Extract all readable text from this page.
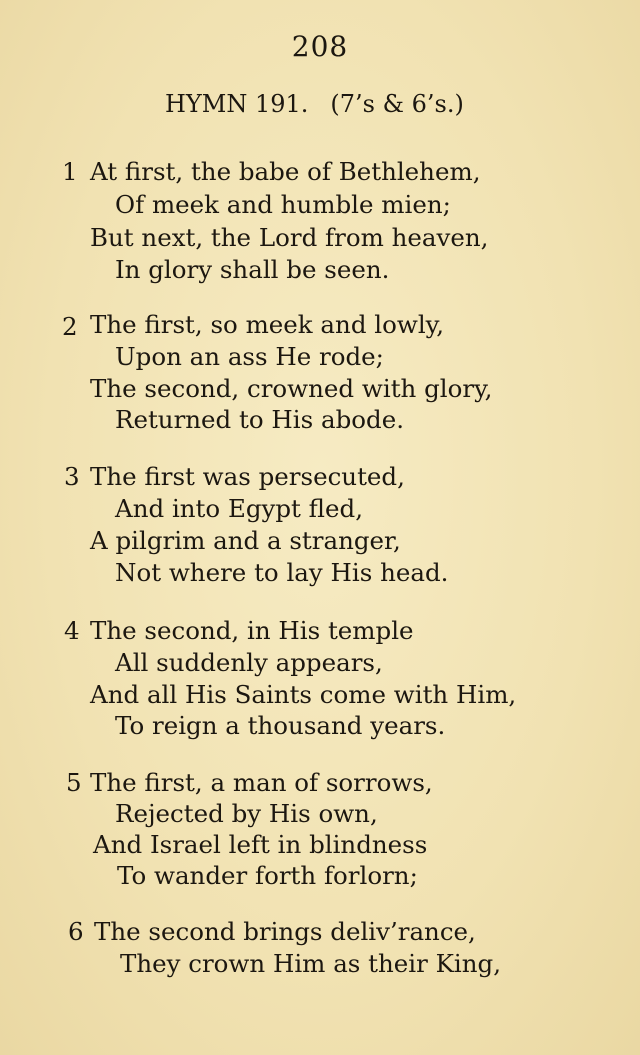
208
HYMN 191. (7’s & 6’s.)
1 At first, the babe of Bethlehem,
Of meek and humble mien;
But next, the Lord from heaven,
In glory shall be seen.
2 The first, so meek and lowly,
Upon an ass He rode;
The second, crowned with glory,
Returned to His abode.
3 The first was persecuted,
And into Egypt fled,
A pilgrim and a stranger,
Not where to lay His head.
4 The second, in His temple
All suddenly appears,
And all His Saints come with Him,
To reign a thousand years.
5 The first, a man of sorrows,
Rejected by His own,
And Israel left in blindness
To wander forth forlorn;
6 The second brings deliv’rance,
They crown Him as their King,
